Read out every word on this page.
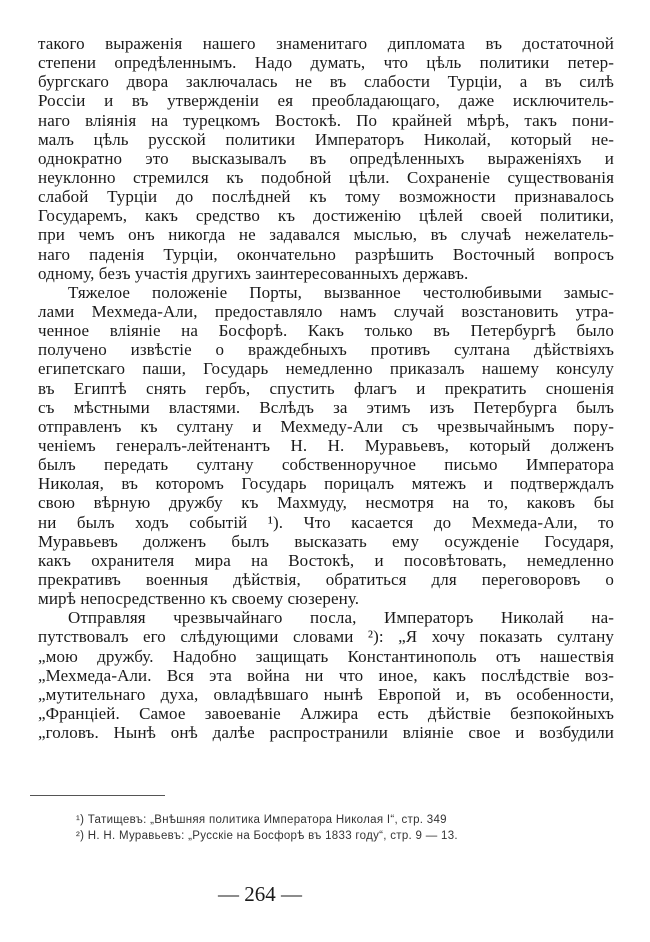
такого выраженія нашего знаменитаго дипломата въ достаточной
степени опредѣленнымъ. Надо думать, что цѣль политики петер-
бургскаго двора заключалась не въ слабости Турціи, а въ силѣ
Россіи и въ утвержденіи ея преобладающаго, даже исключитель-
наго вліянія на турецкомъ Востокѣ. По крайней мѣрѣ, такъ пони-
малъ цѣль русской политики Императоръ Николай, который не-
однократно это высказывалъ въ опредѣленныхъ выраженіяхъ и
неуклонно стремился къ подобной цѣли. Сохраненіе существованія
слабой Турціи до послѣдней къ тому возможности признавалось
Государемъ, какъ средство къ достиженію цѣлей своей политики,
при чемъ онъ никогда не задавался мыслью, въ случаѣ нежелатель-
наго паденія Турціи, окончательно разрѣшить Восточный вопросъ
одному, безъ участія другихъ заинтересованныхъ державъ.
Тяжелое положеніе Порты, вызванное честолюбивыми замыс-
лами Мехмеда-Али, предоставляло намъ случай возстановить утра-
ченное вліяніе на Босфорѣ. Какъ только въ Петербургѣ было
получено извѣстіе о враждебныхъ противъ султана дѣйствіяхъ
египетскаго паши, Государь немедленно приказалъ нашему консулу
въ Египтѣ снять гербъ, спустить флагъ и прекратить сношенія
съ мѣстными властями. Вслѣдъ за этимъ изъ Петербурга былъ
отправленъ къ султану и Мехмеду-Али съ чрезвычайнымъ пору-
ченіемъ генералъ-лейтенантъ Н. Н. Муравьевъ, который долженъ
былъ передать султану собственноручное письмо Императора
Николая, въ которомъ Государь порицалъ мятежъ и подтверждалъ
свою вѣрную дружбу къ Махмуду, несмотря на то, каковъ бы
ни былъ ходъ событій ¹). Что касается до Мехмеда-Али, то
Муравьевъ долженъ былъ высказать ему осужденіе Государя,
какъ охранителя мира на Востокѣ, и посовѣтовать, немедленно
прекративъ военныя дѣйствія, обратиться для переговоровъ о
мирѣ непосредственно къ своему сюзерену.
Отправляя чрезвычайнаго посла, Императоръ Николай на-
путствовалъ его слѣдующими словами ²): „Я хочу показать султану
„мою дружбу. Надобно защищать Константинополь отъ нашествія
„Мехмеда-Али. Вся эта война ни что иное, какъ послѣдствіе воз-
„мутительнаго духа, овладѣвшаго нынѣ Европой и, въ особенности,
„Франціей. Самое завоеваніе Алжира есть дѣйствіе безпокойныхъ
„головъ. Нынѣ онѣ далѣе распространили вліяніе свое и возбудили
¹) Татищевъ: „Внѣшняя политика Императора Николая I“, стр. 349
²) Н. Н. Муравьевъ: „Русскіе на Босфорѣ въ 1833 году“, стр. 9 — 13.
— 264 —
